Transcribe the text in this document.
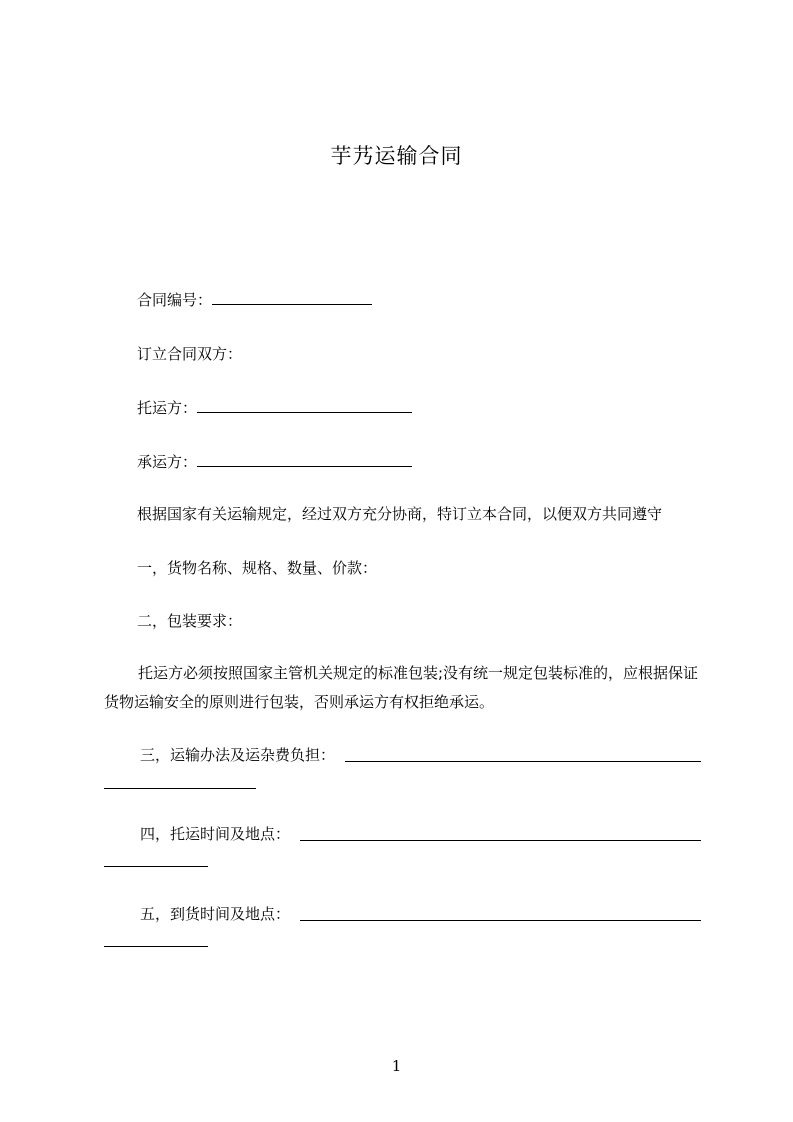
芋艿运输合同
合同编号：
订立合同双方：
托运方：
承运方：
根据国家有关运输规定，经过双方充分协商，特订立本合同，以便双方共同遵守
一，货物名称、规格、数量、价款：
二，包装要求：
托运方必须按照国家主管机关规定的标准包装;没有统一规定包装标准的，应根据保证货物运输安全的原则进行包装，否则承运方有权拒绝承运。
三，运输办法及运杂费负担：
四，托运时间及地点：
五，到货时间及地点：
1
